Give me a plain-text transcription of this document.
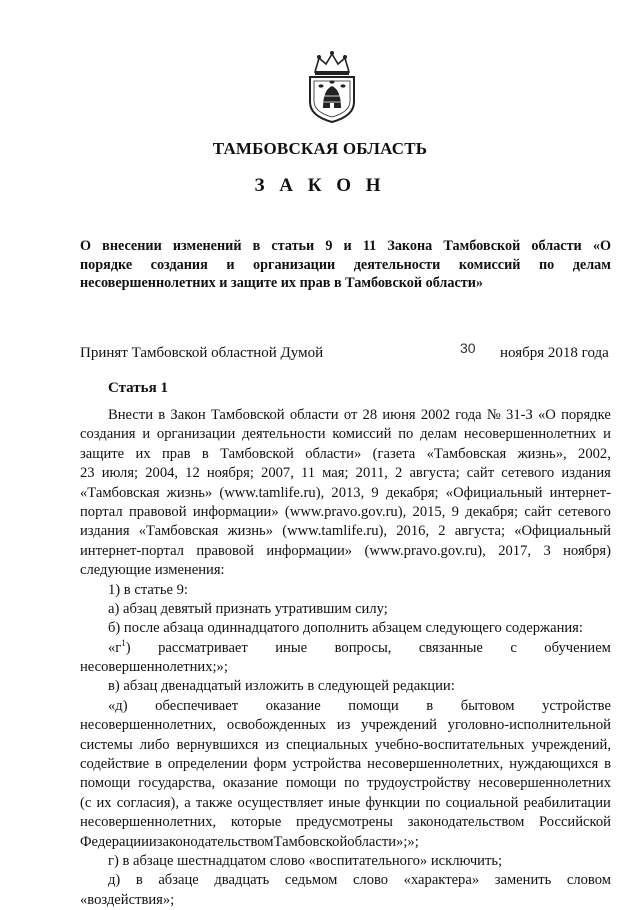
ТАМБОВСКАЯ ОБЛАСТЬ
З А К О Н
О внесении изменений в статьи 9 и 11 Закона Тамбовской области «О
порядке создания и организации деятельности комиссий по делам
несовершеннолетних и защите их прав в Тамбовской области»
Принят Тамбовской областной Думой	30 ноября 2018 года
Статья 1
Внести в Закон Тамбовской области от 28 июня 2002 года № 31-З «О порядке
создания и организации деятельности комиссий по делам несовершеннолетних и
защите их прав в Тамбовской области» (газета «Тамбовская жизнь», 2002,
23 июля; 2004, 12 ноября; 2007, 11 мая; 2011, 2 августа; сайт сетевого издания
«Тамбовская жизнь» (www.tamlife.ru), 2013, 9 декабря; «Официальный интернет-
портал правовой информации» (www.pravo.gov.ru), 2015, 9 декабря; сайт сетевого
издания «Тамбовская жизнь» (www.tamlife.ru), 2016, 2 августа; «Официальный
интернет-портал правовой информации» (www.pravo.gov.ru), 2017, 3 ноября)
следующие изменения:
1) в статье 9:
а) абзац девятый признать утратившим силу;
б) после абзаца одиннадцатого дополнить абзацем следующего содержания:
«$г^1$) рассматривает иные вопросы, связанные с обучением
несовершеннолетних;»;
в) абзац двенадцатый изложить в следующей редакции:
«д) обеспечивает оказание помощи в бытовом устройстве
несовершеннолетних, освобожденных из учреждений уголовно-исполнительной
системы либо вернувшихся из специальных учебно-воспитательных учреждений,
содействие в определении форм устройства несовершеннолетних, нуждающихся в
помощи государства, оказание помощи по трудоустройству несовершеннолетних
(с их согласия), а также осуществляет иные функции по социальной реабилитации
несовершеннолетних, которые предусмотрены законодательством Российской
Федерации и законодательством Тамбовской области»;»;
г) в абзаце шестнадцатом слово «воспитательного» исключить;
д) в абзаце двадцать седьмом слово «характера» заменить словом
«воздействия»;
